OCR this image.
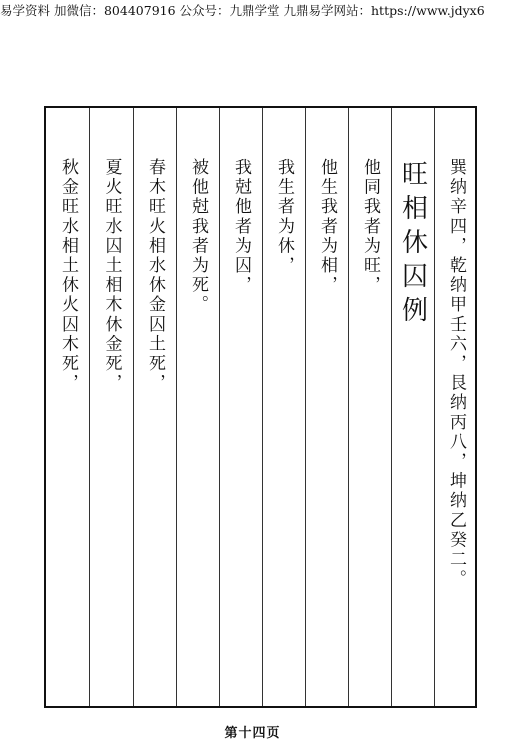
易学资料 加微信：804407916 公众号：九鼎学堂 九鼎易学网站：https://www.jdyx6
巽纳辛四，乾纳甲壬六，艮纳丙八，坤纳乙癸二。
旺相休囚例
他同我者为旺，
他生我者为相，
我生者为休，
我尅他者为囚，
被他尅我者为死。
春木旺火相水休金囚土死，
夏火旺水囚土相木休金死，
秋金旺水相土休火囚木死，
第十四页
